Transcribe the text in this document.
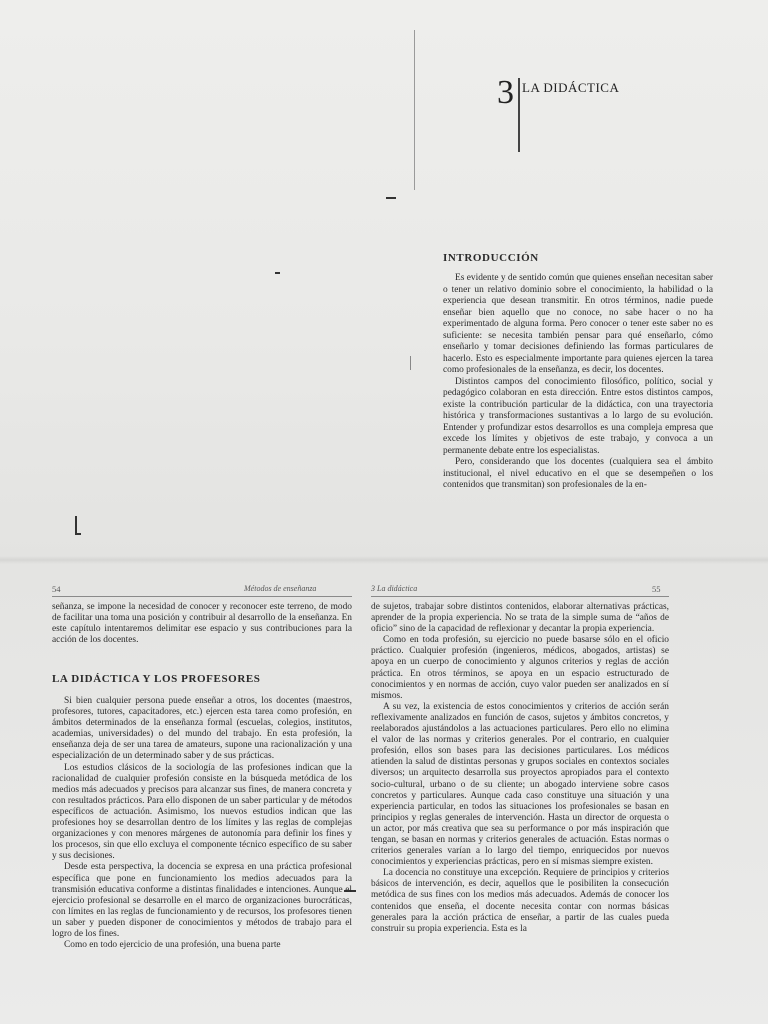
3 LA DIDÁCTICA
INTRODUCCIÓN

Es evidente y de sentido común que quienes enseñan necesitan saber o tener un relativo dominio sobre el conocimiento, la habilidad o la experiencia que desean transmitir. En otros términos, nadie puede enseñar bien aquello que no conoce, no sabe hacer o no ha experimentado de alguna forma. Pero conocer o tener este saber no es suficiente: se necesita también pensar para qué enseñarlo, cómo enseñarlo y tomar decisiones definiendo las formas particulares de hacerlo. Esto es especialmente importante para quienes ejercen la tarea como profesionales de la enseñanza, es decir, los docentes.

Distintos campos del conocimiento filosófico, político, social y pedagógico colaboran en esta dirección. Entre estos distintos campos, existe la contribución particular de la didáctica, con una trayectoria histórica y transformaciones sustantivas a lo largo de su evolución. Entender y profundizar estos desarrollos es una compleja empresa que excede los límites y objetivos de este trabajo, y convoca a un permanente debate entre los especialistas.

Pero, considerando que los docentes (cualquiera sea el ámbito institucional, el nivel educativo en el que se desempeñen o los contenidos que transmitan) son profesionales de la en-

54	Métodos de enseñanza

señanza, se impone la necesidad de conocer y reconocer este terreno, de modo de facilitar una toma una posición y contribuir al desarrollo de la enseñanza. En este capítulo intentaremos delimitar ese espacio y sus contribuciones para la acción de los docentes.

LA DIDÁCTICA Y LOS PROFESORES

Si bien cualquier persona puede enseñar a otros, los docentes (maestros, profesores, tutores, capacitadores, etc.) ejercen esta tarea como profesión, en ámbitos determinados de la enseñanza formal (escuelas, colegios, institutos, academias, universidades) o del mundo del trabajo. En esta profesión, la enseñanza deja de ser una tarea de amateurs, supone una racionalización y una especialización de un determinado saber y de sus prácticas.

Los estudios clásicos de la sociología de las profesiones indican que la racionalidad de cualquier profesión consiste en la búsqueda metódica de los medios más adecuados y precisos para alcanzar sus fines, de manera concreta y con resultados prácticos. Para ello disponen de un saber particular y de métodos específicos de actuación. Asimismo, los nuevos estudios indican que las profesiones hoy se desarrollan dentro de los límites y las reglas de complejas organizaciones y con menores márgenes de autonomía para definir los fines y los procesos, sin que ello excluya el componente técnico específico de su saber y sus decisiones.

Desde esta perspectiva, la docencia se expresa en una práctica profesional específica que pone en funcionamiento los medios adecuados para la transmisión educativa conforme a distintas finalidades e intenciones. Aunque el ejercicio profesional se desarrolle en el marco de organizaciones burocráticas, con límites en las reglas de funcionamiento y de recursos, los profesores tienen un saber y pueden disponer de conocimientos y métodos de trabajo para el logro de los fines.

Como en todo ejercicio de una profesión, una buena parte

3 La didáctica	55

de sujetos, trabajar sobre distintos contenidos, elaborar alternativas prácticas, aprender de la propia experiencia. No se trata de la simple suma de “años de oficio” sino de la capacidad de reflexionar y decantar la propia experiencia.

Como en toda profesión, su ejercicio no puede basarse sólo en el oficio práctico. Cualquier profesión (ingenieros, médicos, abogados, artistas) se apoya en un cuerpo de conocimiento y algunos criterios y reglas de acción práctica. En otros términos, se apoya en un espacio estructurado de conocimientos y en normas de acción, cuyo valor pueden ser analizados en sí mismos.

A su vez, la existencia de estos conocimientos y criterios de acción serán reflexivamente analizados en función de casos, sujetos y ámbitos concretos, y reelaborados ajustándolos a las actuaciones particulares. Pero ello no elimina el valor de las normas y criterios generales. Por el contrario, en cualquier profesión, ellos son bases para las decisiones particulares. Los médicos atienden la salud de distintas personas y grupos sociales en contextos sociales diversos; un arquitecto desarrolla sus proyectos apropiados para el contexto socio-cultural, urbano o de su cliente; un abogado interviene sobre casos concretos y particulares. Aunque cada caso constituye una situación y una experiencia particular, en todos las situaciones los profesionales se basan en principios y reglas generales de intervención. Hasta un director de orquesta o un actor, por más creativa que sea su performance o por más inspiración que tengan, se basan en normas y criterios generales de actuación. Estas normas o criterios generales varían a lo largo del tiempo, enriquecidos por nuevos conocimientos y experiencias prácticas, pero en sí mismas siempre existen.

La docencia no constituye una excepción. Requiere de principios y criterios básicos de intervención, es decir, aquellos que le posibiliten la consecución metódica de sus fines con los medios más adecuados. Además de conocer los contenidos que enseña, el docente necesita contar con normas básicas generales para la acción práctica de enseñar, a partir de las cuales pueda construir su propia experiencia. Esta es la
